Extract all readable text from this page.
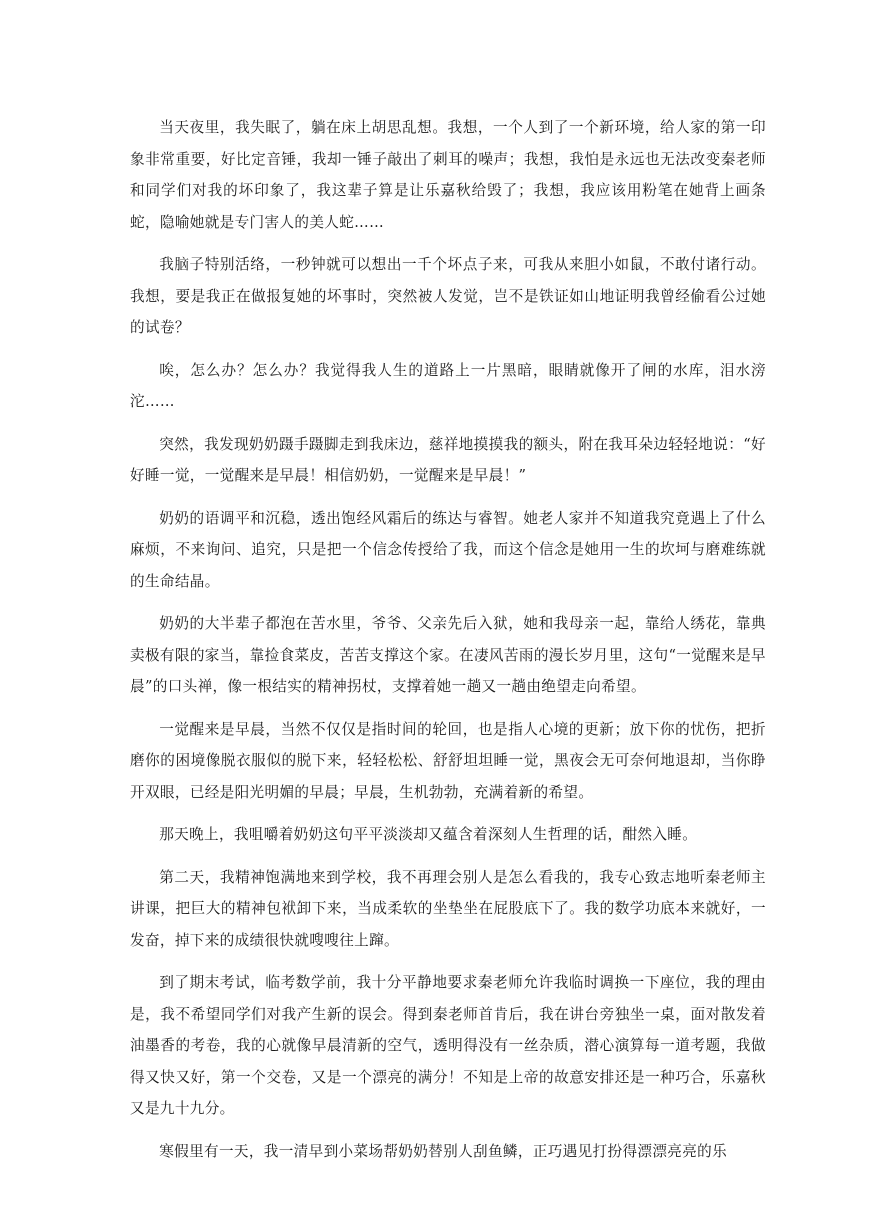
当天夜里，我失眠了，躺在床上胡思乱想。我想，一个人到了一个新环境，给人家的第一印象非常重要，好比定音锤，我却一锤子敲出了刺耳的噪声；我想，我怕是永远也无法改变秦老师和同学们对我的坏印象了，我这辈子算是让乐嘉秋给毁了；我想，我应该用粉笔在她背上画条蛇，隐喻她就是专门害人的美人蛇……

我脑子特别活络，一秒钟就可以想出一千个坏点子来，可我从来胆小如鼠，不敢付诸行动。我想，要是我正在做报复她的坏事时，突然被人发觉，岂不是铁证如山地证明我曾经偷看公过她的试卷？

唉，怎么办？怎么办？我觉得我人生的道路上一片黑暗，眼睛就像开了闸的水库，泪水滂沱……

突然，我发现奶奶蹑手蹑脚走到我床边，慈祥地摸摸我的额头，附在我耳朵边轻轻地说：“好好睡一觉，一觉醒来是早晨！相信奶奶，一觉醒来是早晨！”

奶奶的语调平和沉稳，透出饱经风霜后的练达与睿智。她老人家并不知道我究竟遇上了什么麻烦，不来询问、追究，只是把一个信念传授给了我，而这个信念是她用一生的坎坷与磨难练就的生命结晶。

奶奶的大半辈子都泡在苦水里，爷爷、父亲先后入狱，她和我母亲一起，靠给人绣花，靠典卖极有限的家当，靠捡食菜皮，苦苦支撑这个家。在凄风苦雨的漫长岁月里，这句“一觉醒来是早晨”的口头禅，像一根结实的精神拐杖，支撑着她一趟又一趟由绝望走向希望。

一觉醒来是早晨，当然不仅仅是指时间的轮回，也是指人心境的更新；放下你的忧伤，把折磨你的困境像脱衣服似的脱下来，轻轻松松、舒舒坦坦睡一觉，黑夜会无可奈何地退却，当你睁开双眼，已经是阳光明媚的早晨；早晨，生机勃勃，充满着新的希望。

那天晚上，我咀嚼着奶奶这句平平淡淡却又蕴含着深刻人生哲理的话，酣然入睡。

第二天，我精神饱满地来到学校，我不再理会别人是怎么看我的，我专心致志地听秦老师主讲课，把巨大的精神包袱卸下来，当成柔软的坐垫坐在屁股底下了。我的数学功底本来就好，一发奋，掉下来的成绩很快就嗖嗖往上蹿。

到了期末考试，临考数学前，我十分平静地要求秦老师允许我临时调换一下座位，我的理由是，我不希望同学们对我产生新的误会。得到秦老师首肯后，我在讲台旁独坐一桌，面对散发着油墨香的考卷，我的心就像早晨清新的空气，透明得没有一丝杂质，潜心演算每一道考题，我做得又快又好，第一个交卷，又是一个漂亮的满分！不知是上帝的故意安排还是一种巧合，乐嘉秋又是九十九分。

寒假里有一天，我一清早到小菜场帮奶奶替别人刮鱼鳞，正巧遇见打扮得漂漂亮亮的乐
